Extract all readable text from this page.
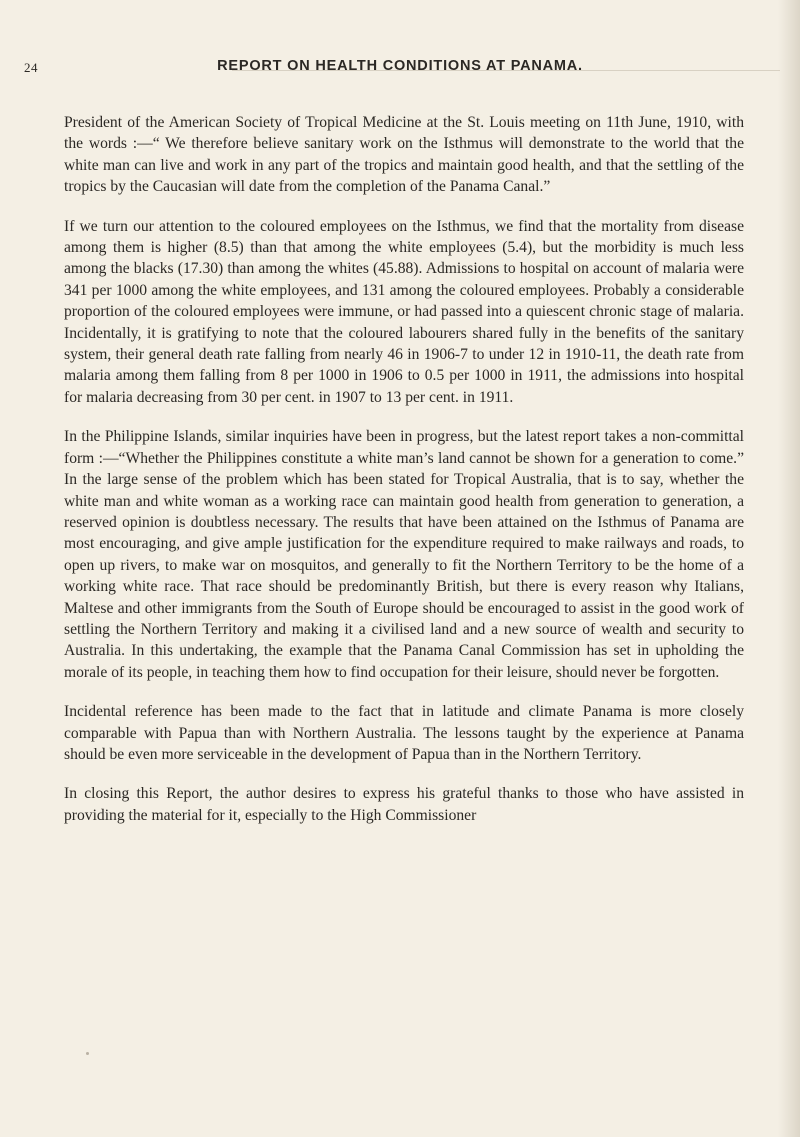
24	REPORT ON HEALTH CONDITIONS AT PANAMA.

President of the American Society of Tropical Medicine at the St. Louis meeting on 11th June, 1910, with the words :—“ We therefore believe sanitary work on the Isthmus will demonstrate to the world that the white man can live and work in any part of the tropics and maintain good health, and that the settling of the tropics by the Caucasian will date from the completion of the Panama Canal.”

If we turn our attention to the coloured employees on the Isthmus, we find that the mortality from disease among them is higher (8.5) than that among the white employees (5.4), but the morbidity is much less among the blacks (17.30) than among the whites (45.88). Admissions to hospital on account of malaria were 341 per 1000 among the white employees, and 131 among the coloured employees. Probably a considerable proportion of the coloured employees were immune, or had passed into a quiescent chronic stage of malaria. Incidentally, it is gratifying to note that the coloured labourers shared fully in the benefits of the sanitary system, their general death rate falling from nearly 46 in 1906-7 to under 12 in 1910-11, the death rate from malaria among them falling from 8 per 1000 in 1906 to 0.5 per 1000 in 1911, the admissions into hospital for malaria decreasing from 30 per cent. in 1907 to 13 per cent. in 1911.

In the Philippine Islands, similar inquiries have been in progress, but the latest report takes a non-committal form :—“Whether the Philippines constitute a white man’s land cannot be shown for a generation to come.” In the large sense of the problem which has been stated for Tropical Australia, that is to say, whether the white man and white woman as a working race can maintain good health from generation to generation, a reserved opinion is doubtless necessary. The results that have been attained on the Isthmus of Panama are most encouraging, and give ample justification for the expenditure required to make railways and roads, to open up rivers, to make war on mosquitos, and generally to fit the Northern Territory to be the home of a working white race. That race should be predominantly British, but there is every reason why Italians, Maltese and other immigrants from the South of Europe should be encouraged to assist in the good work of settling the Northern Territory and making it a civilised land and a new source of wealth and security to Australia. In this undertaking, the example that the Panama Canal Commission has set in upholding the morale of its people, in teaching them how to find occupation for their leisure, should never be forgotten.

Incidental reference has been made to the fact that in latitude and climate Panama is more closely comparable with Papua than with Northern Australia. The lessons taught by the experience at Panama should be even more serviceable in the development of Papua than in the Northern Territory.

In closing this Report, the author desires to express his grateful thanks to those who have assisted in providing the material for it, especially to the High Commissioner
